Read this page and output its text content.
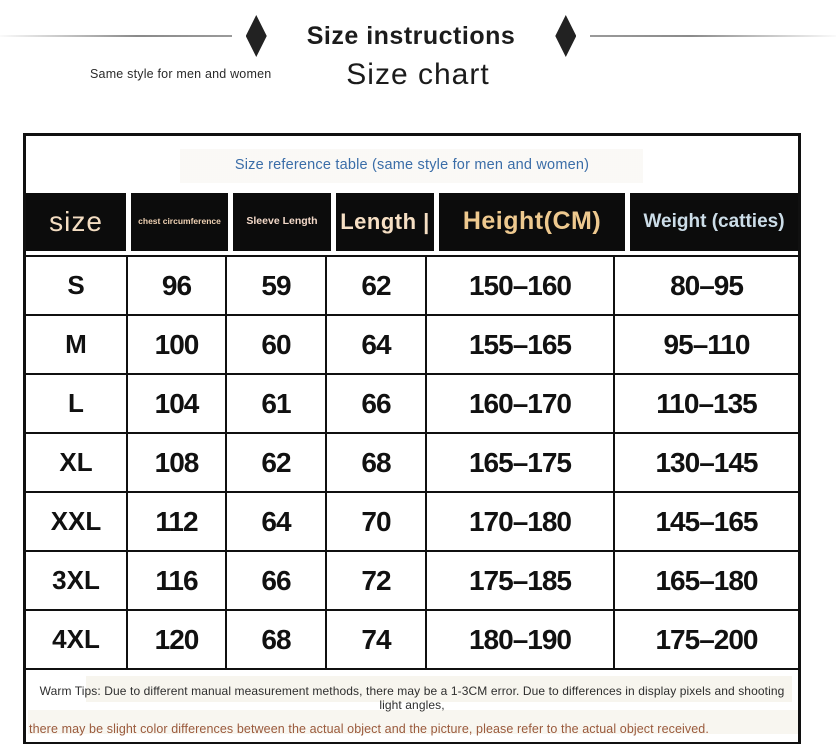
Size instructions
Same style for men and women	Size chart
Size reference table (same style for men and women)
size	chest circumference	Sleeve Length	Length |	Height(CM)	Weight (catties)
S	96	59	62	150–160	80–95
M	100	60	64	155–165	95–110
L	104	61	66	160–170	110–135
XL	108	62	68	165–175	130–145
XXL	112	64	70	170–180	145–165
3XL	116	66	72	175–185	165–180
4XL	120	68	74	180–190	175–200

Warm Tips: Due to different manual measurement methods, there may be a 1-3CM error. Due to differences in display pixels and shooting light angles,

there may be slight color differences between the actual object and the picture, please refer to the actual object received.
